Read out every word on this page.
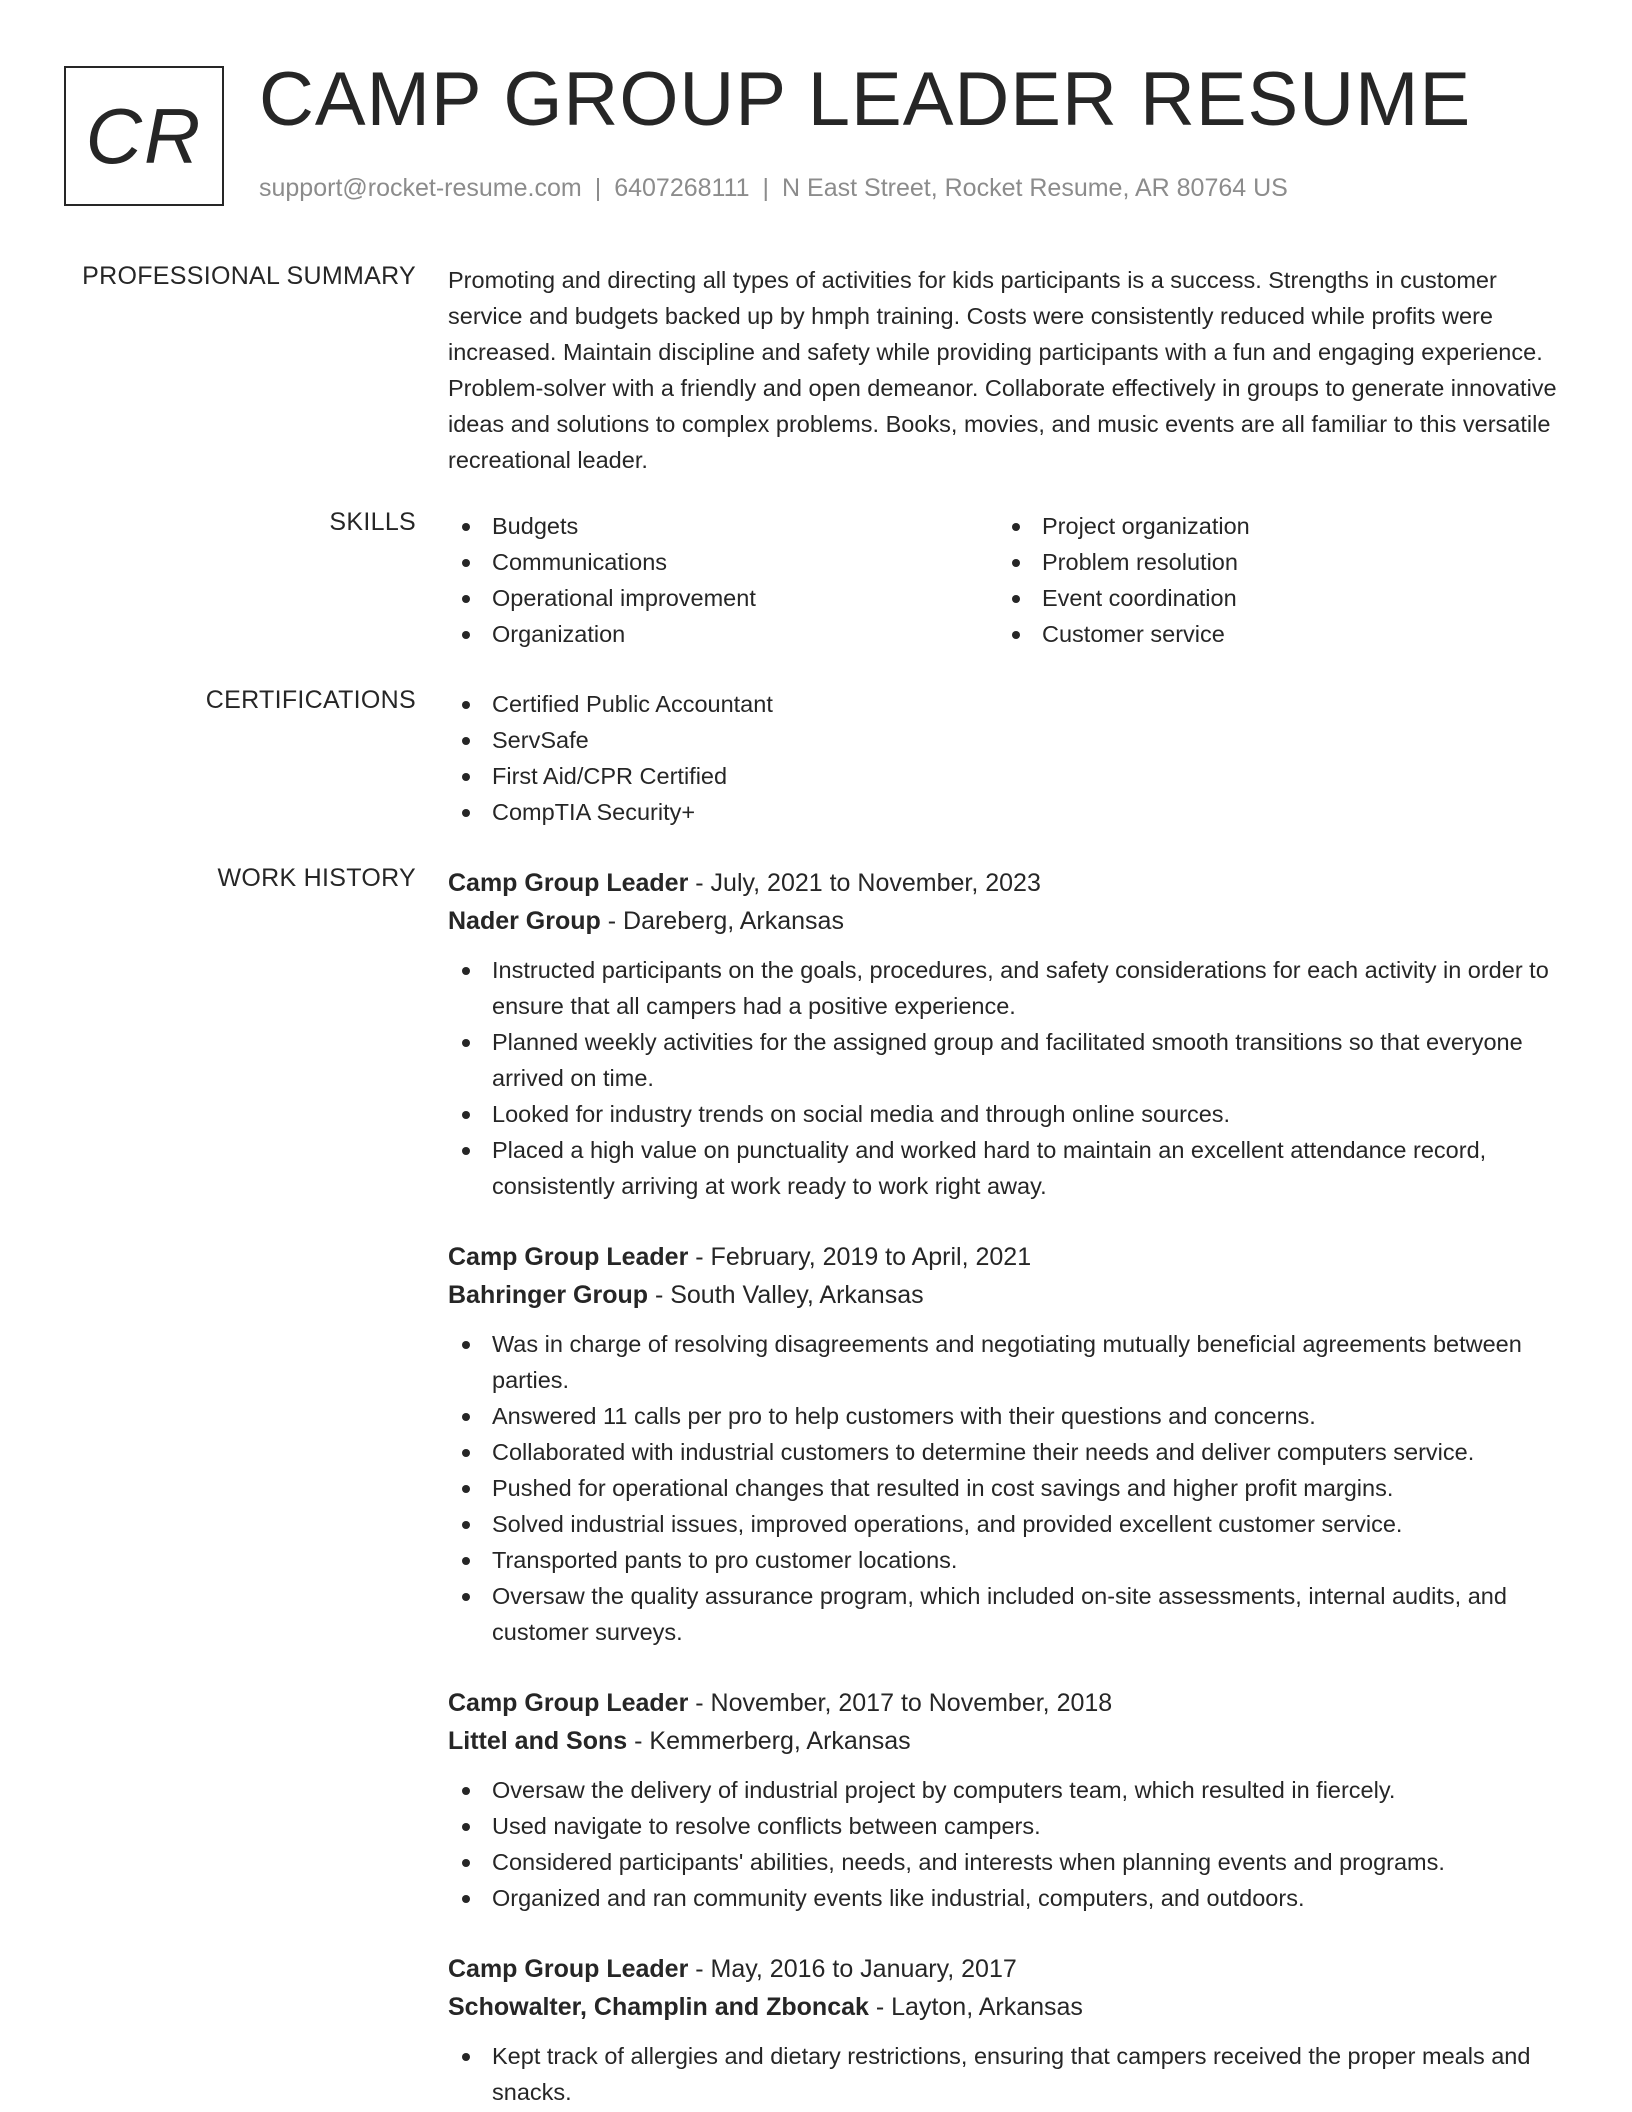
CR CAMP GROUP LEADER RESUME
support@rocket-resume.com | 6407268111 | N East Street, Rocket Resume, AR 80764 US
PROFESSIONAL SUMMARY Promoting and directing all types of activities for kids participants is a success. Strengths in customer service and budgets backed up by hmph training. Costs were consistently reduced while profits were increased. Maintain discipline and safety while providing participants with a fun and engaging experience. Problem-solver with a friendly and open demeanor. Collaborate effectively in groups to generate innovative ideas and solutions to complex problems. Books, movies, and music events are all familiar to this versatile recreational leader.

SKILLS	Budgets
Communications
Operational improvement
Organization
Project organization
Problem resolution
Event coordination
Customer service
CERTIFICATIONS	Certified Public Accountant
ServSafe
First Aid/CPR Certified
CompTIA Security+
WORK HISTORY Camp Group Leader - July, 2021 to November, 2023

Nader Group - Dareberg, Arkansas

Instructed participants on the goals, procedures, and safety considerations for each activity in order to ensure that all campers had a positive experience.
Planned weekly activities for the assigned group and facilitated smooth transitions so that everyone arrived on time.
Looked for industry trends on social media and through online sources.
Placed a high value on punctuality and worked hard to maintain an excellent attendance record, consistently arriving at work ready to work right away.

Camp Group Leader - February, 2019 to April, 2021

Bahringer Group - South Valley, Arkansas

Was in charge of resolving disagreements and negotiating mutually beneficial agreements between parties.
Answered 11 calls per pro to help customers with their questions and concerns.
Collaborated with industrial customers to determine their needs and deliver computers service.
Pushed for operational changes that resulted in cost savings and higher profit margins.
Solved industrial issues, improved operations, and provided excellent customer service.
Transported pants to pro customer locations.
Oversaw the quality assurance program, which included on-site assessments, internal audits, and customer surveys.

Camp Group Leader - November, 2017 to November, 2018

Littel and Sons - Kemmerberg, Arkansas

Oversaw the delivery of industrial project by computers team, which resulted in fiercely.
Used navigate to resolve conflicts between campers.
Considered participants' abilities, needs, and interests when planning events and programs.
Organized and ran community events like industrial, computers, and outdoors.

Camp Group Leader - May, 2016 to January, 2017

Schowalter, Champlin and Zboncak - Layton, Arkansas

Kept track of allergies and dietary restrictions, ensuring that campers received the proper meals and snacks.
